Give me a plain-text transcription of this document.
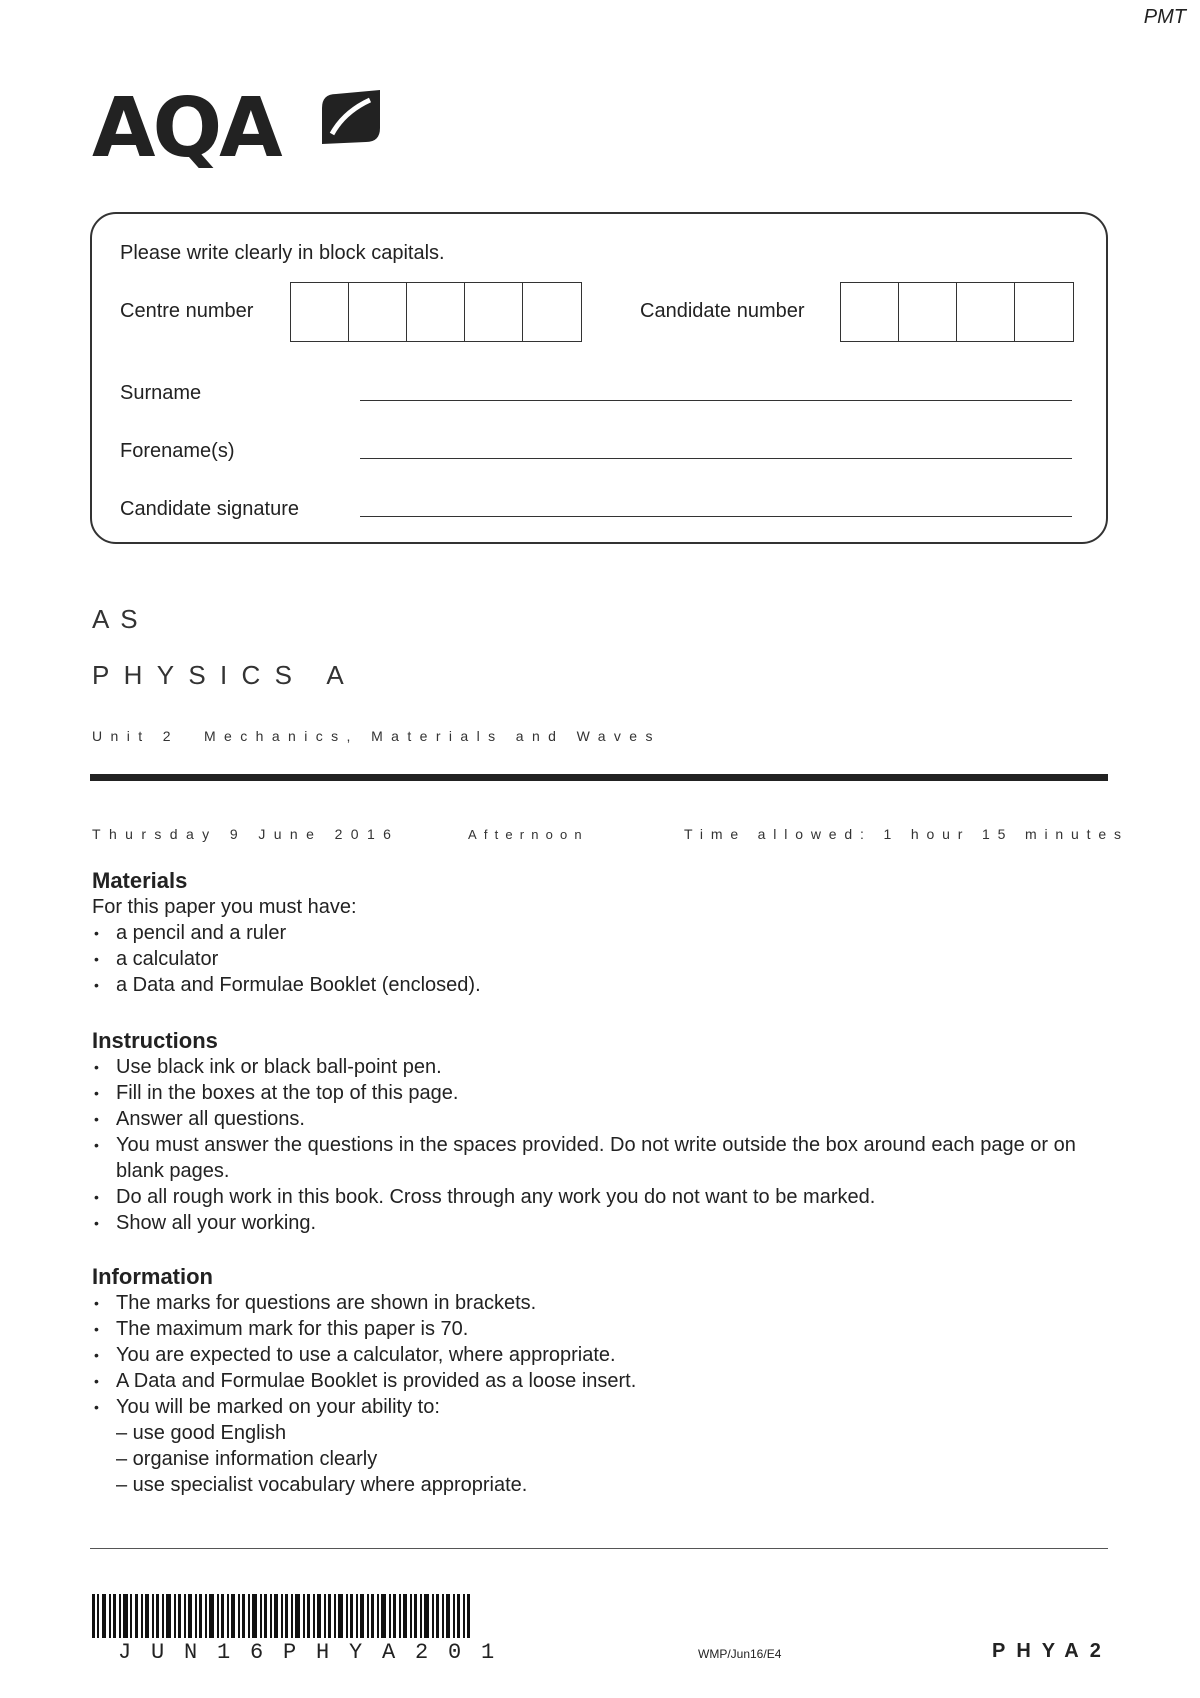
PMT
AQA
Please write clearly in block capitals.
Centre number	Candidate number
Surname
Forename(s)
Candidate signature
AS
PHYSICS A
Unit 2 Mechanics, Materials and Waves
Thursday 9 June 2016	Afternoon	Time allowed: 1 hour 15 minutes
Materials
For this paper you must have:
• a pencil and a ruler
• a calculator
• a Data and Formulae Booklet (enclosed).
Instructions
• Use black ink or black ball-point pen.
• Fill in the boxes at the top of this page.
• Answer all questions.
• You must answer the questions in the spaces provided. Do not write outside the box around each page or on blank pages.
• Do all rough work in this book. Cross through any work you do not want to be marked.
• Show all your working.
Information
• The marks for questions are shown in brackets.
• The maximum mark for this paper is 70.
• You are expected to use a calculator, where appropriate.
• A Data and Formulae Booklet is provided as a loose insert.
• You will be marked on your ability to:
– use good English
– organise information clearly
– use specialist vocabulary where appropriate.
JUN16PHYA201	WMP/Jun16/E4	PHYA2
